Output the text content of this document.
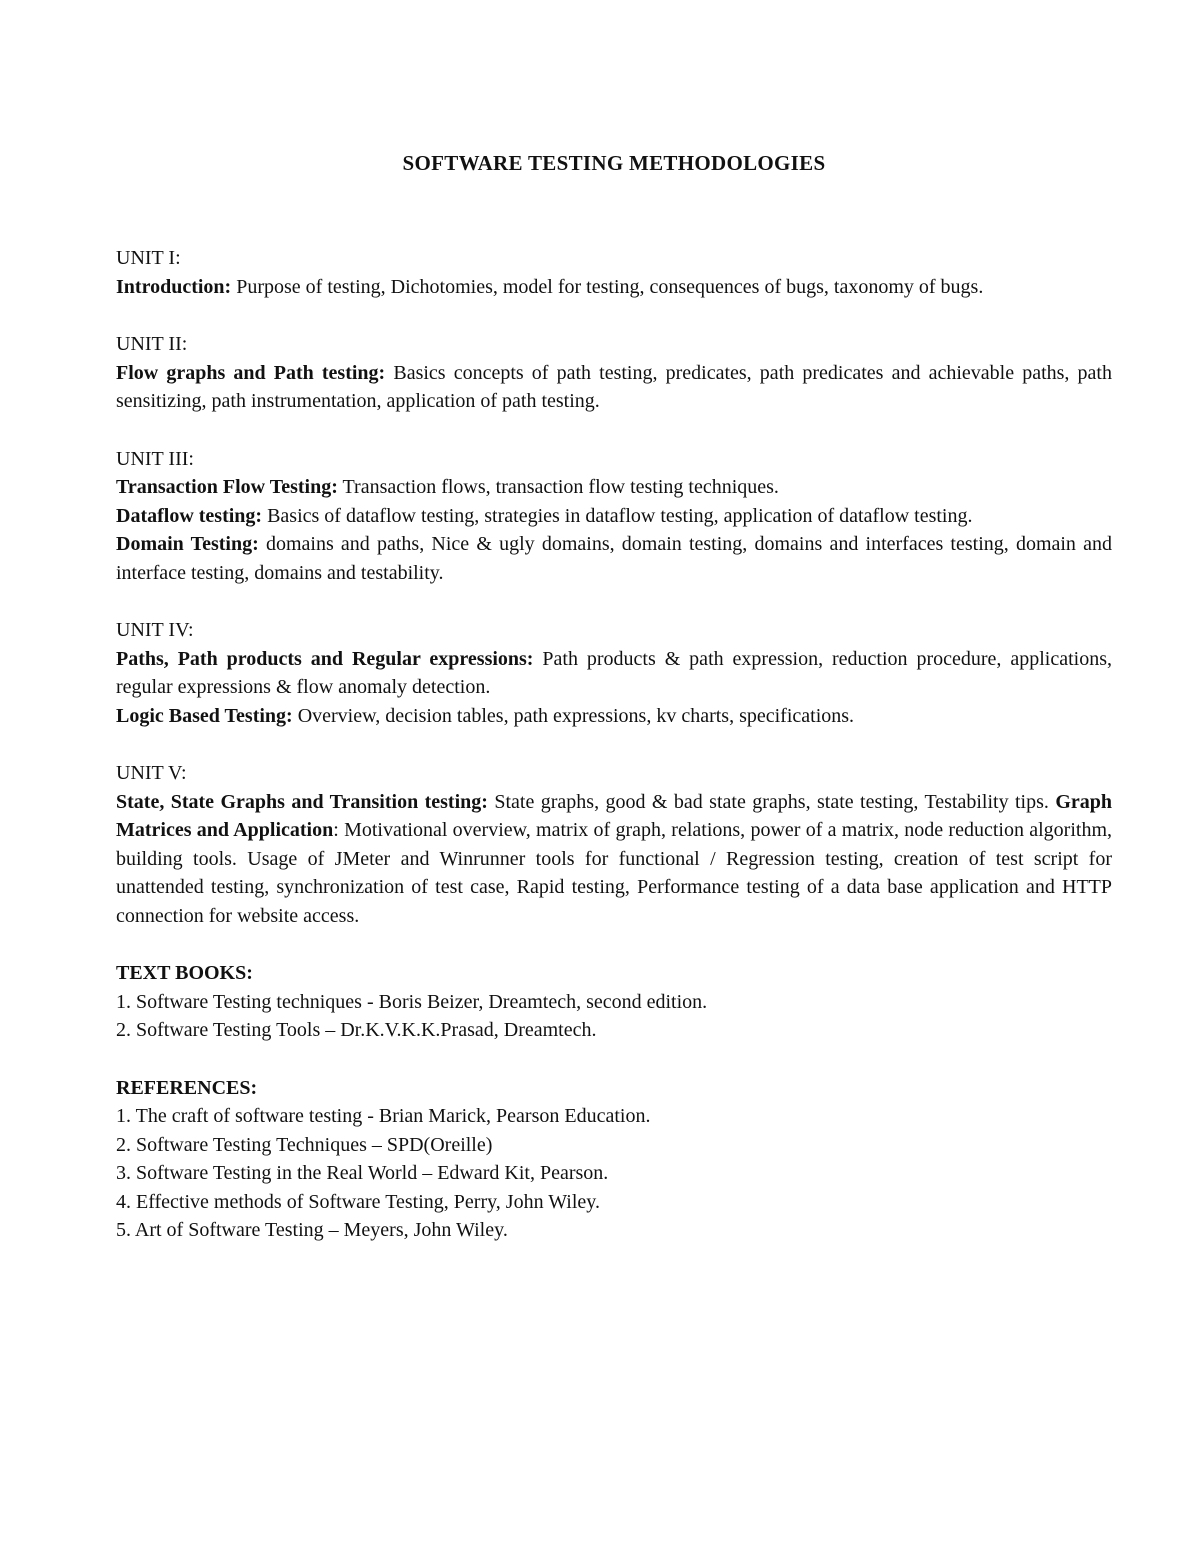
SOFTWARE TESTING METHODOLOGIES

UNIT I:

Introduction: Purpose of testing, Dichotomies, model for testing, consequences of bugs, taxonomy of bugs.

UNIT II:

Flow graphs and Path testing: Basics concepts of path testing, predicates, path predicates and achievable paths, path sensitizing, path instrumentation, application of path testing.

UNIT III:

Transaction Flow Testing: Transaction flows, transaction flow testing techniques.

Dataflow testing: Basics of dataflow testing, strategies in dataflow testing, application of dataflow testing.

Domain Testing: domains and paths, Nice & ugly domains, domain testing, domains and interfaces testing, domain and interface testing, domains and testability.

UNIT IV:

Paths, Path products and Regular expressions: Path products & path expression, reduction procedure, applications, regular expressions & flow anomaly detection.

Logic Based Testing: Overview, decision tables, path expressions, kv charts, specifications.

UNIT V:

State, State Graphs and Transition testing: State graphs, good & bad state graphs, state testing, Testability tips. Graph Matrices and Application: Motivational overview, matrix of graph, relations, power of a matrix, node reduction algorithm, building tools. Usage of JMeter and Winrunner tools for functional / Regression testing, creation of test script for unattended testing, synchronization of test case, Rapid testing, Performance testing of a data base application and HTTP connection for website access.

TEXT BOOKS:

1. Software Testing techniques - Boris Beizer, Dreamtech, second edition.
2. Software Testing Tools – Dr.K.V.K.K.Prasad, Dreamtech.

REFERENCES:

1. The craft of software testing - Brian Marick, Pearson Education.
2. Software Testing Techniques – SPD(Oreille)
3. Software Testing in the Real World – Edward Kit, Pearson.
4. Effective methods of Software Testing, Perry, John Wiley.
5. Art of Software Testing – Meyers, John Wiley.
